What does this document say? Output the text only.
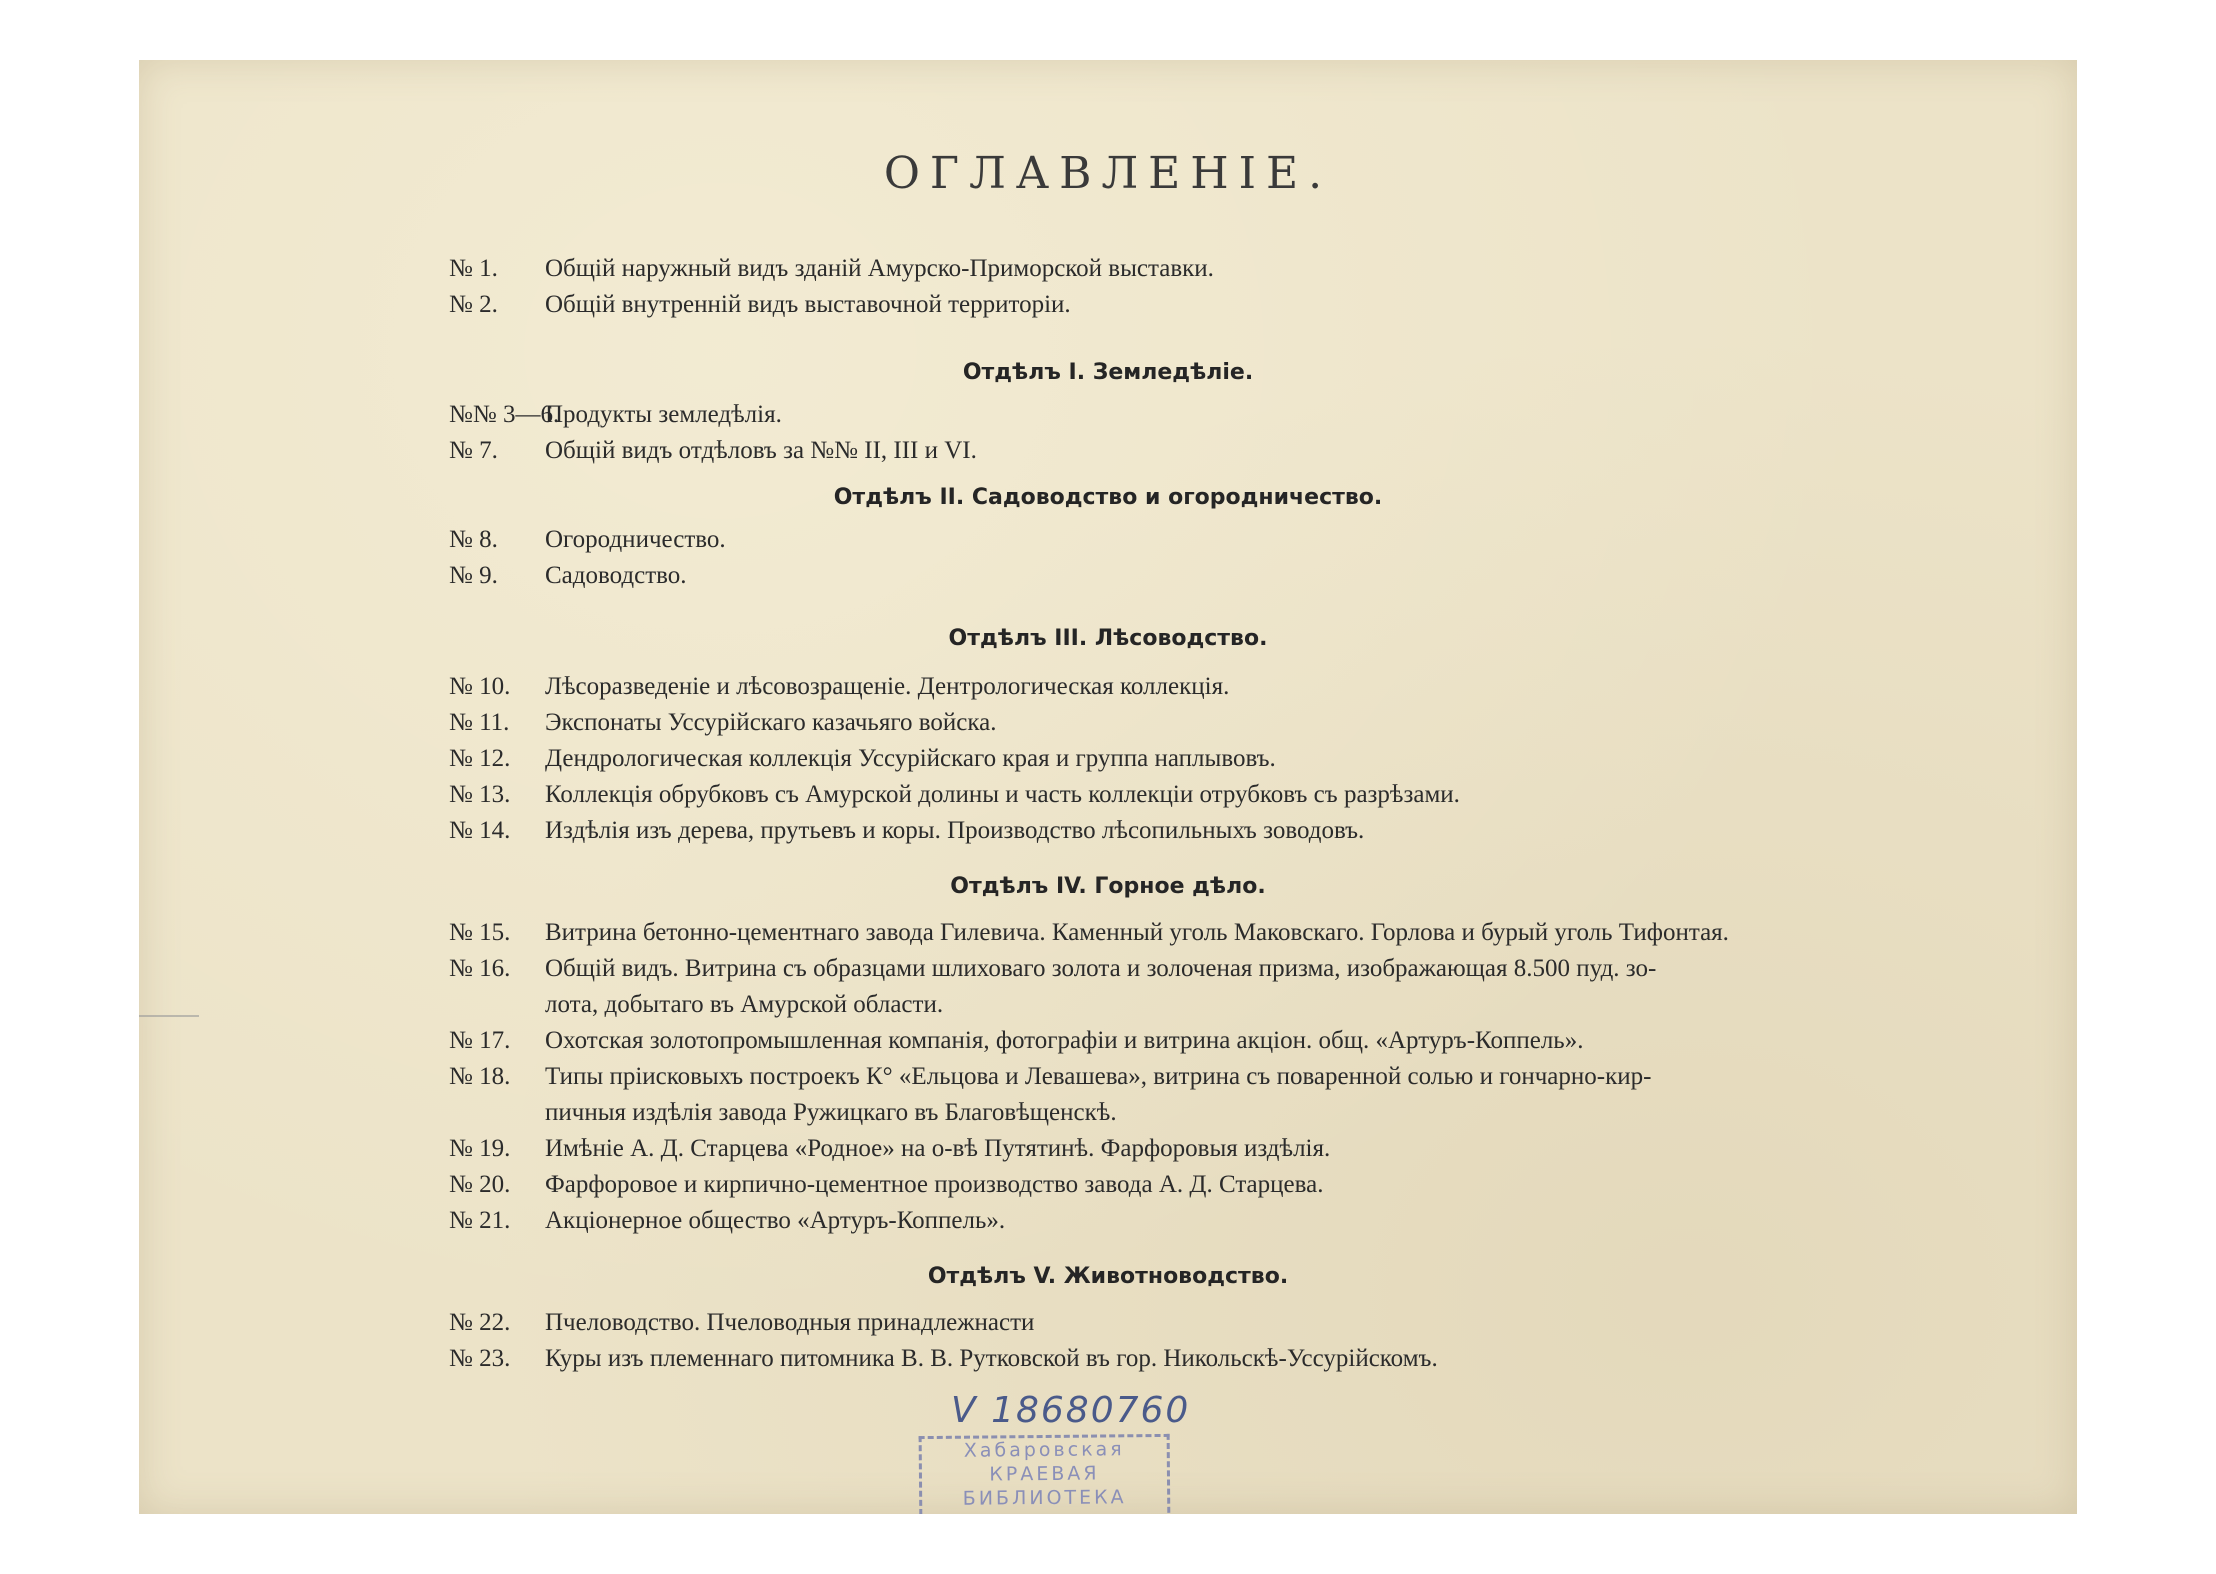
ОГЛАВЛЕНІЕ.
№ 1. Общій наружный видъ зданій Амурско-Приморской выставки.
№ 2. Общій внутренній видъ выставочной территоріи.
Отдѣлъ I. Земледѣліе.
№№ 3—6.Продукты земледѣлія.
№ 7. Общій видъ отдѣловъ за №№ II, III и VI.
Отдѣлъ II. Садоводство и огородничество.
№ 8. Огородничество.
№ 9. Садоводство.
Отдѣлъ III. Лѣсоводство.
№ 10. Лѣсоразведеніе и лѣсовозращеніе. Дентрологическая коллекція.
№ 11. Экспонаты Уссурійскаго казачьяго войска.
№ 12. Дендрологическая коллекція Уссурійскаго края и группа наплывовъ.
№ 13. Коллекція обрубковъ съ Амурской долины и часть коллекціи отрубковъ съ разрѣзами.
№ 14. Издѣлія изъ дерева, прутьевъ и коры. Производство лѣсопильныхъ зоводовъ.
Отдѣлъ IV. Горное дѣло.
№ 15. Витрина бетонно-цементнаго завода Гилевича. Каменный уголь Маковскаго. Горлова и бурый уголь Тифонтая.
№ 16. Общій видъ. Витрина съ образцами шлиховаго золота и золоченая призма, изображающая 8.500 пуд. зо-
лота, добытаго въ Амурской области.
№ 17. Охотская золотопромышленная компанія, фотографіи и витрина акціон. общ. «Артуръ-Коппель».
№ 18. Типы пріисковыхъ построекъ К° «Ельцова и Левашева», витрина съ поваренной солью и гончарно-кир-
пичныя издѣлія завода Ружицкаго въ Благовѣщенскѣ.
№ 19. Имѣніе А. Д. Старцева «Родное» на о-вѣ Путятинѣ. Фарфоровыя издѣлія.
№ 20. Фарфоровое и кирпично-цементное производство завода А. Д. Старцева.
№ 21. Акціонерное общество «Артуръ-Коппель».
Отдѣлъ V. Животноводство.
№ 22. Пчеловодство. Пчеловодныя принадлежнасти
№ 23. Куры изъ племеннаго питомника В. В. Рутковской въ гор. Никольскѣ-Уссурійскомъ.
V 18680760
Хабаровская
КРАЕВАЯ
БИБЛИОТЕКА
